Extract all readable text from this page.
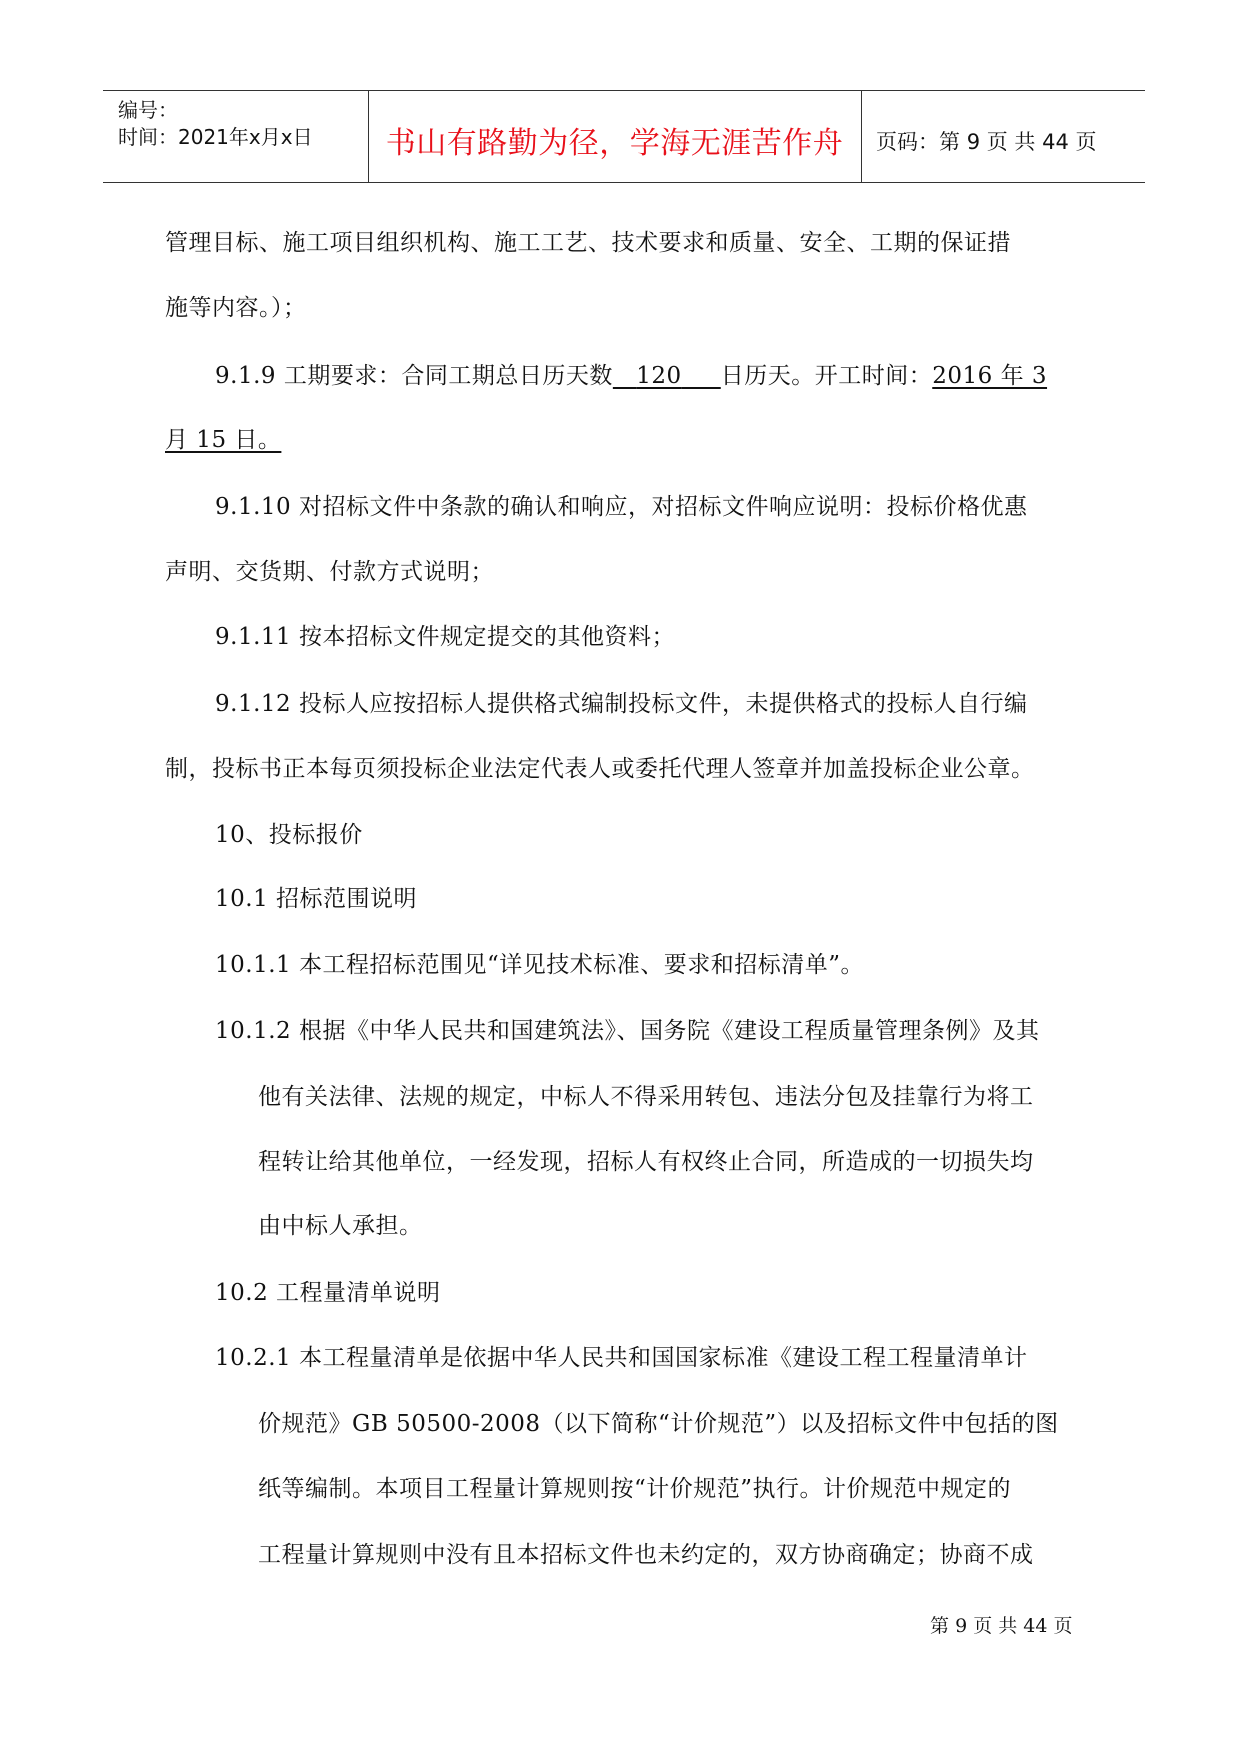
编号：
时间：2021年x月x日	书山有路勤为径，学海无涯苦作舟	页码：第 9 页 共 44 页
管理目标、施工项目组织机构、施工工艺、技术要求和质量、安全、工期的保证措
施等内容。）；
9.1.9 工期要求：合同工期总日历天数 120 日历天。开工时间：2016 年 3
月 15 日。
9.1.10 对招标文件中条款的确认和响应，对招标文件响应说明：投标价格优惠
声明、交货期、付款方式说明；
9.1.11 按本招标文件规定提交的其他资料；
9.1.12 投标人应按招标人提供格式编制投标文件，未提供格式的投标人自行编
制，投标书正本每页须投标企业法定代表人或委托代理人签章并加盖投标企业公章。
10、投标报价
10.1 招标范围说明
10.1.1 本工程招标范围见“详见技术标准、要求和招标清单”。
10.1.2 根据《中华人民共和国建筑法》、国务院《建设工程质量管理条例》及其
他有关法律、法规的规定，中标人不得采用转包、违法分包及挂靠行为将工
程转让给其他单位，一经发现，招标人有权终止合同，所造成的一切损失均
由中标人承担。
10.2 工程量清单说明
10.2.1 本工程量清单是依据中华人民共和国国家标准《建设工程工程量清单计
价规范》GB 50500-2008（以下简称“计价规范”）以及招标文件中包括的图
纸等编制。本项目工程量计算规则按“计价规范”执行。计价规范中规定的
工程量计算规则中没有且本招标文件也未约定的，双方协商确定；协商不成
第 9 页 共 44 页
